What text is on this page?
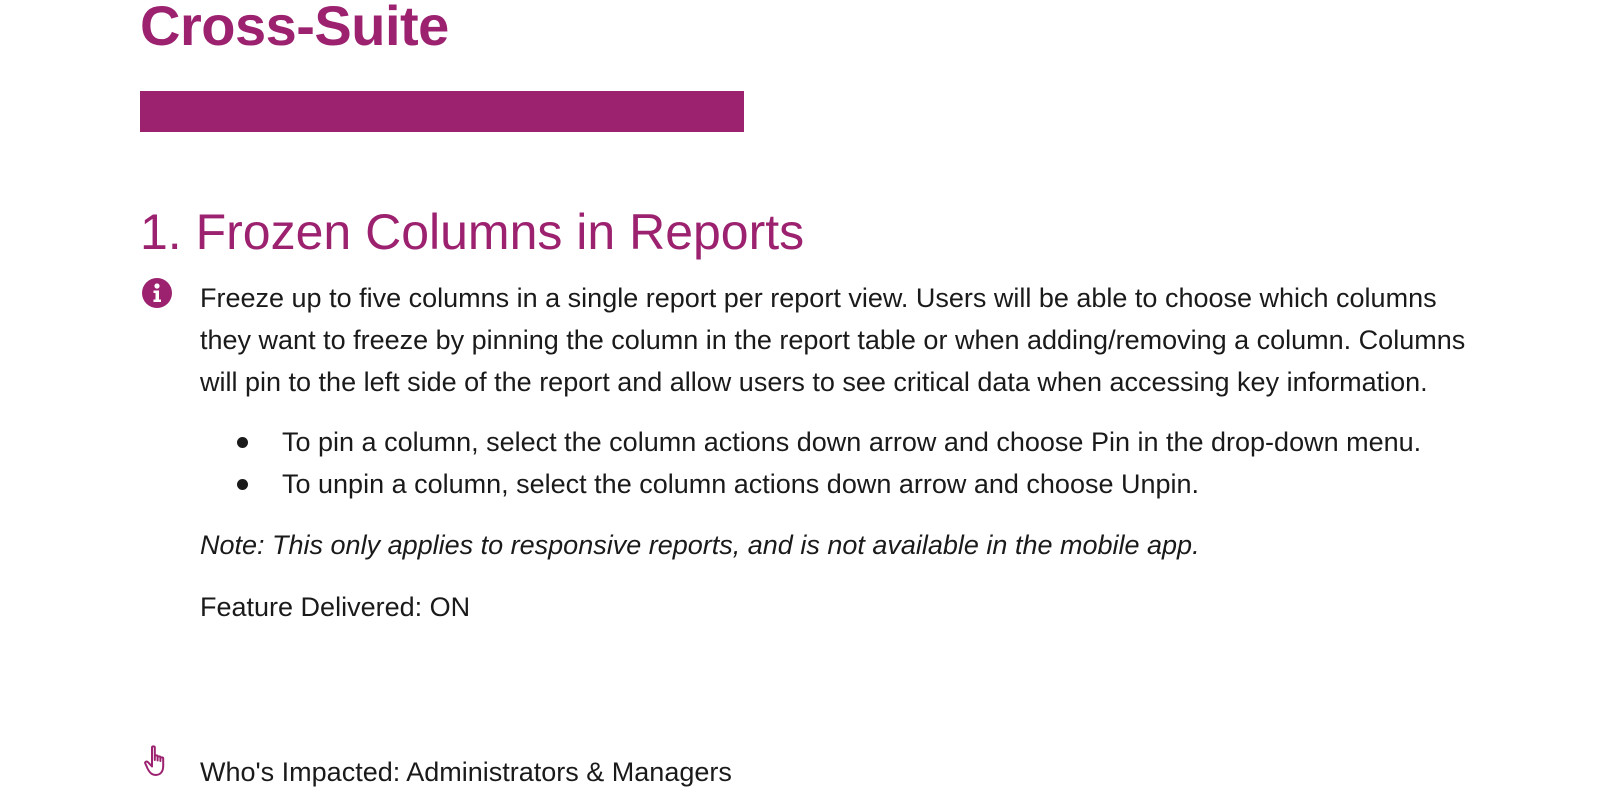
Cross-Suite
1. Frozen Columns in Reports

Freeze up to five columns in a single report per report view. Users will be able to choose which columns they want to freeze by pinning the column in the report table or when adding/removing a column. Columns will pin to the left side of the report and allow users to see critical data when accessing key information.

To pin a column, select the column actions down arrow and choose Pin in the drop-down menu.
To unpin a column, select the column actions down arrow and choose Unpin.

Note: This only applies to responsive reports, and is not available in the mobile app.

Feature Delivered: ON

Who's Impacted: Administrators & Managers
